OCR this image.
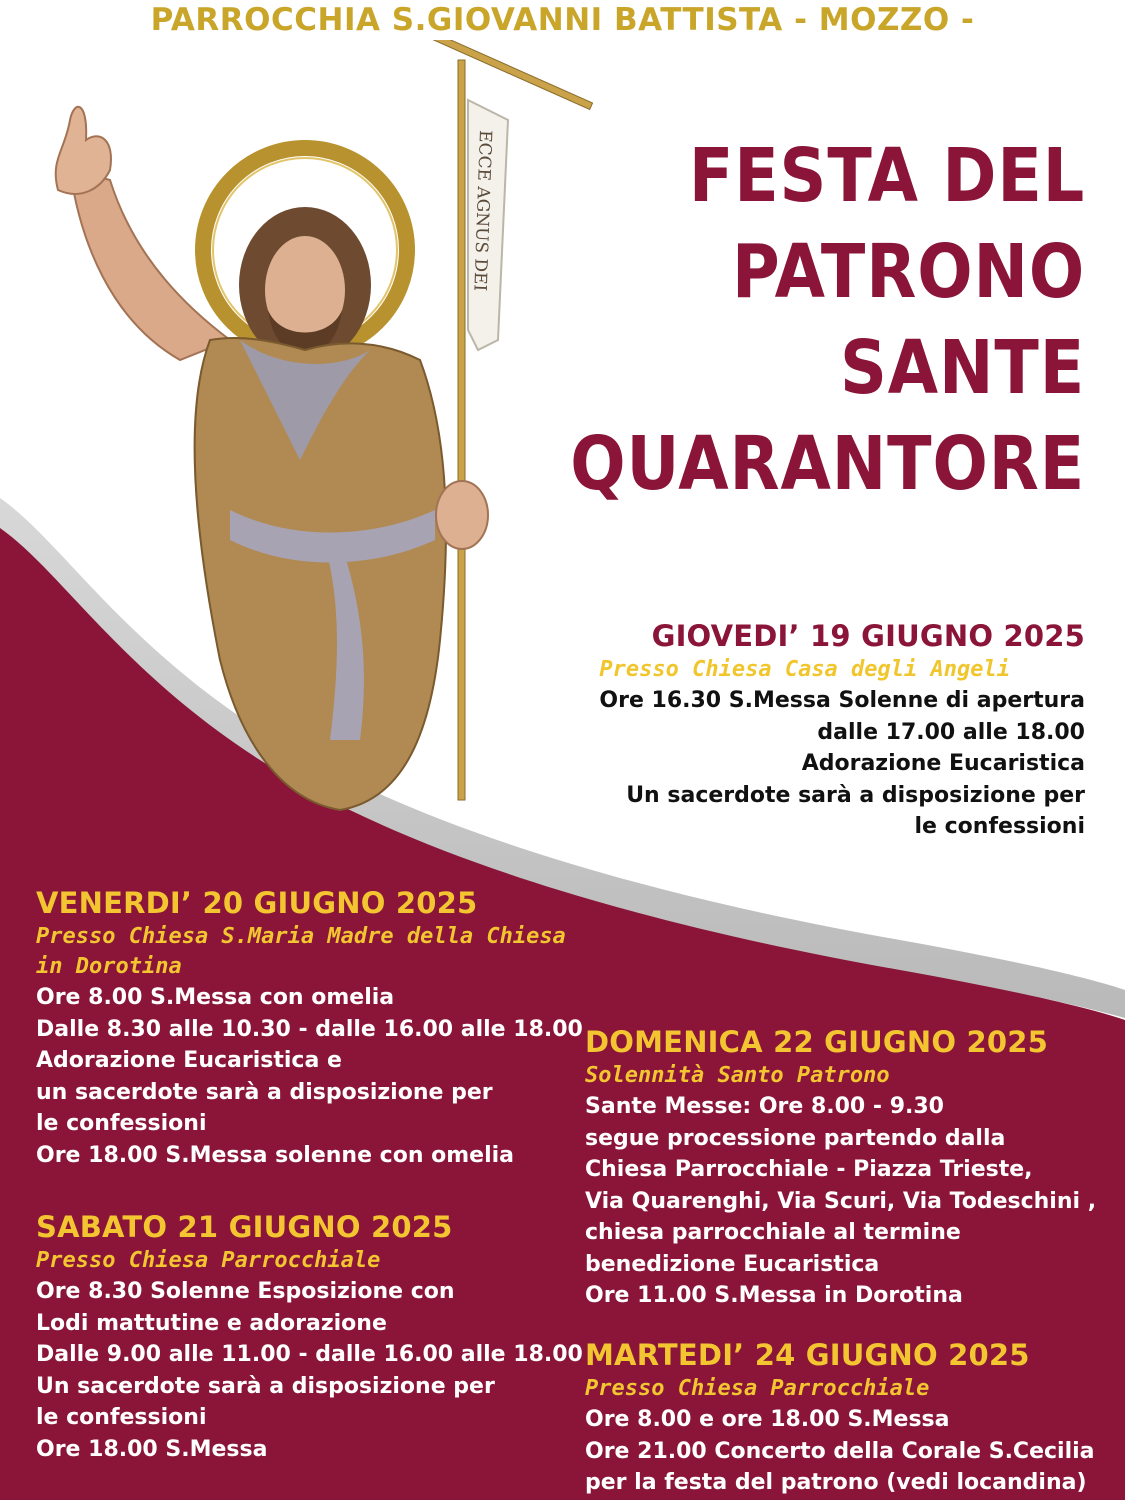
PARROCCHIA S.GIOVANNI BATTISTA - MOZZO -
ECCE AGNUS DEI	FESTA DEL
PATRONO
SANTE
QUARANTORE
GIOVEDI’ 19 GIUGNO 2025
Presso Chiesa Casa degli Angeli
Ore 16.30 S.Messa Solenne di apertura
dalle 17.00 alle 18.00
Adorazione Eucaristica
Un sacerdote sarà a disposizione per
le confessioni
VENERDI’ 20 GIUGNO 2025
Presso Chiesa S.Maria Madre della Chiesa
in Dorotina
Ore 8.00 S.Messa con omelia
Dalle 8.30 alle 10.30 - dalle 16.00 alle 18.00
Adorazione Eucaristica e
un sacerdote sarà a disposizione per
le confessioni
Ore 18.00 S.Messa solenne con omelia
SABATO 21 GIUGNO 2025
Presso Chiesa Parrocchiale
Ore 8.30 Solenne Esposizione con
Lodi mattutine e adorazione
Dalle 9.00 alle 11.00 - dalle 16.00 alle 18.00
Un sacerdote sarà a disposizione per
le confessioni
Ore 18.00 S.Messa
DOMENICA 22 GIUGNO 2025
Solennità Santo Patrono
Sante Messe: Ore 8.00 - 9.30
segue processione partendo dalla
Chiesa Parrocchiale - Piazza Trieste,
Via Quarenghi, Via Scuri, Via Todeschini ,
chiesa parrocchiale al termine
benedizione Eucaristica
Ore 11.00 S.Messa in Dorotina
MARTEDI’ 24 GIUGNO 2025
Presso Chiesa Parrocchiale
Ore 8.00 e ore 18.00 S.Messa
Ore 21.00 Concerto della Corale S.Cecilia
per la festa del patrono (vedi locandina)
